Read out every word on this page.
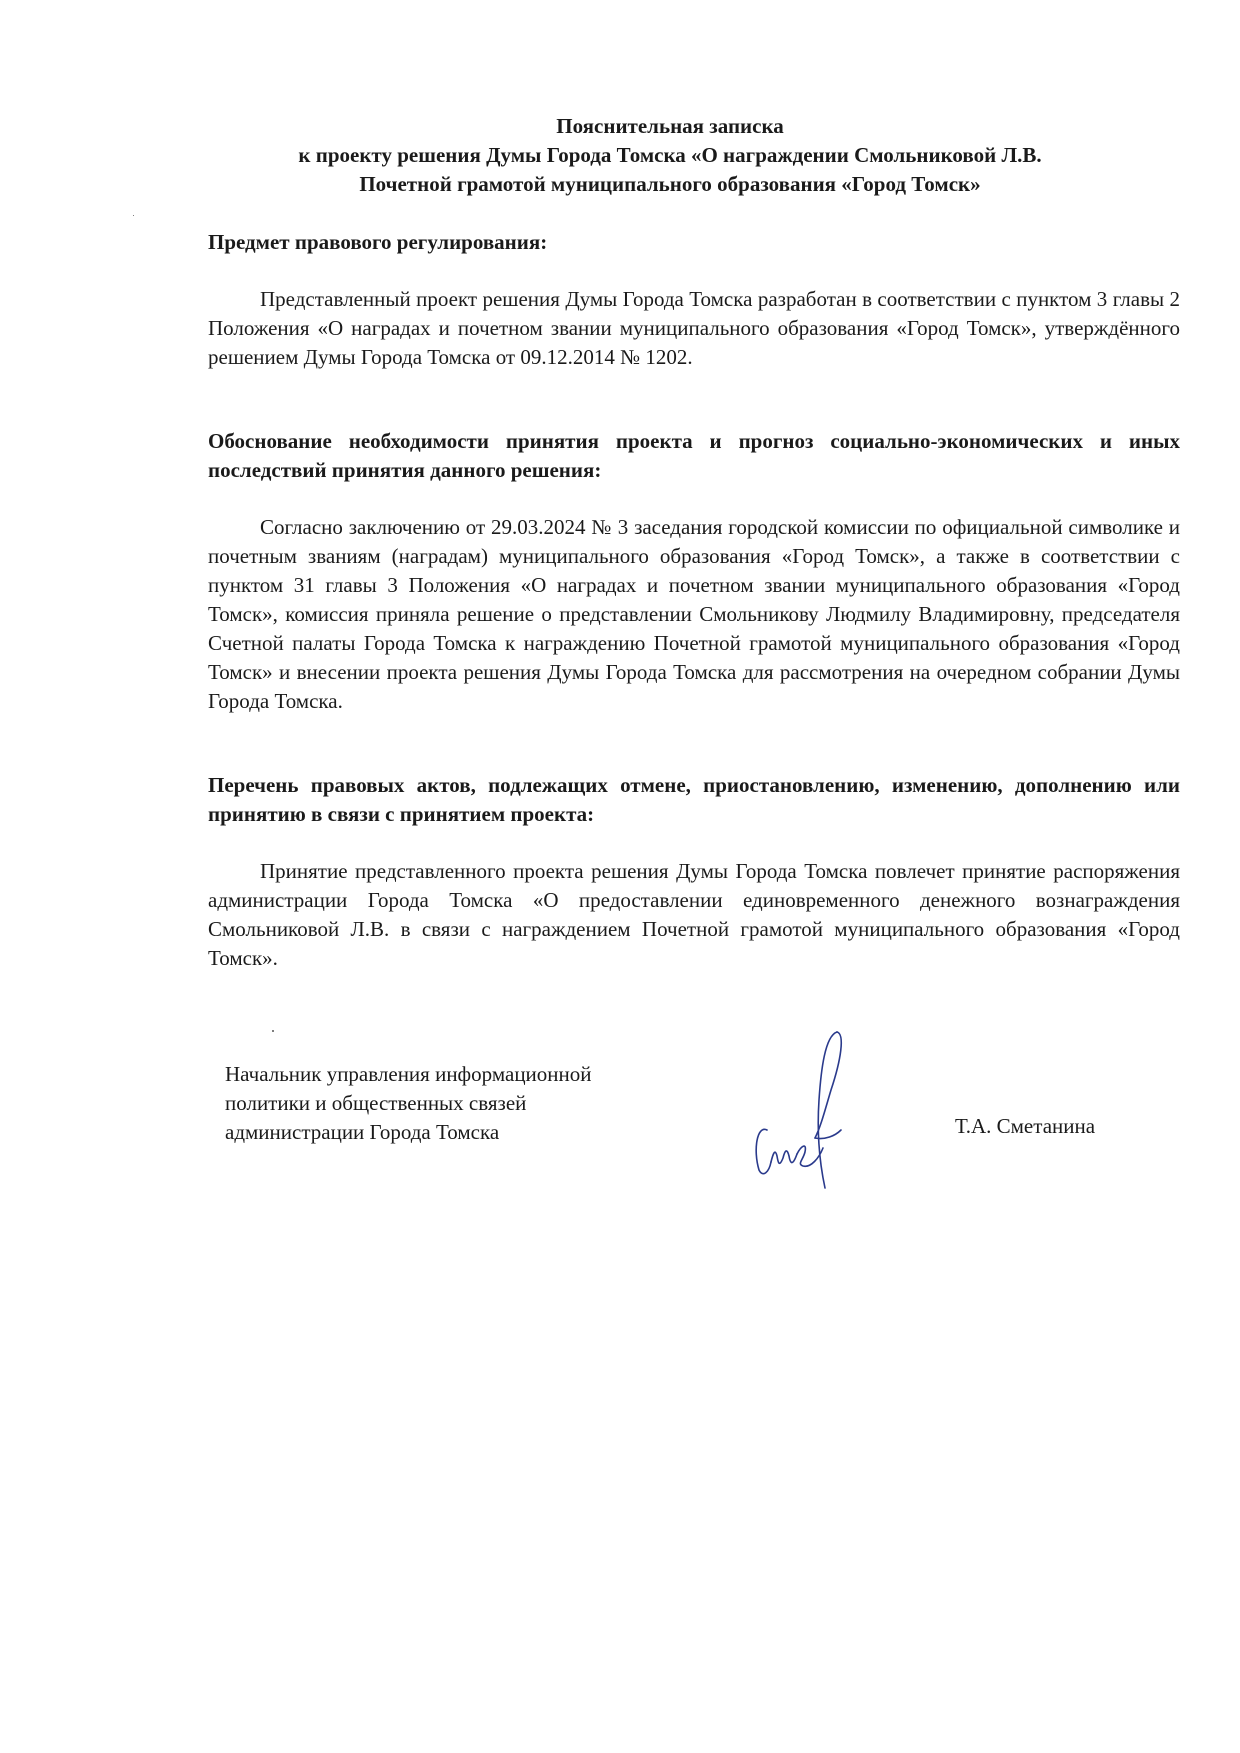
Пояснительная записка
к проекту решения Думы Города Томска «О награждении Смольниковой Л.В.
Почетной грамотой муниципального образования «Город Томск»
Предмет правового регулирования:
Представленный проект решения Думы Города Томска разработан в соответствии с пунктом 3 главы 2 Положения «О наградах и почетном звании муниципального образования «Город Томск», утверждённого решением Думы Города Томска от 09.12.2014 № 1202.
Обоснование необходимости принятия проекта и прогноз социально-экономических и иных последствий принятия данного решения:
Согласно заключению от 29.03.2024 № 3 заседания городской комиссии по официальной символике и почетным званиям (наградам) муниципального образования «Город Томск», а также в соответствии с пунктом 31 главы 3 Положения «О наградах и почетном звании муниципального образования «Город Томск», комиссия приняла решение о представлении Смольникову Людмилу Владимировну, председателя Счетной палаты Города Томска к награждению Почетной грамотой муниципального образования «Город Томск» и внесении проекта решения Думы Города Томска для рассмотрения на очередном собрании Думы Города Томска.
Перечень правовых актов, подлежащих отмене, приостановлению, изменению, дополнению или принятию в связи с принятием проекта:
Принятие представленного проекта решения Думы Города Томска повлечет принятие распоряжения администрации Города Томска «О предоставлении единовременного денежного вознаграждения Смольниковой Л.В. в связи с награждением Почетной грамотой муниципального образования «Город Томск».
Начальник управления информационной
политики и общественных связей
администрации Города Томска	Т.А. Сметанина
